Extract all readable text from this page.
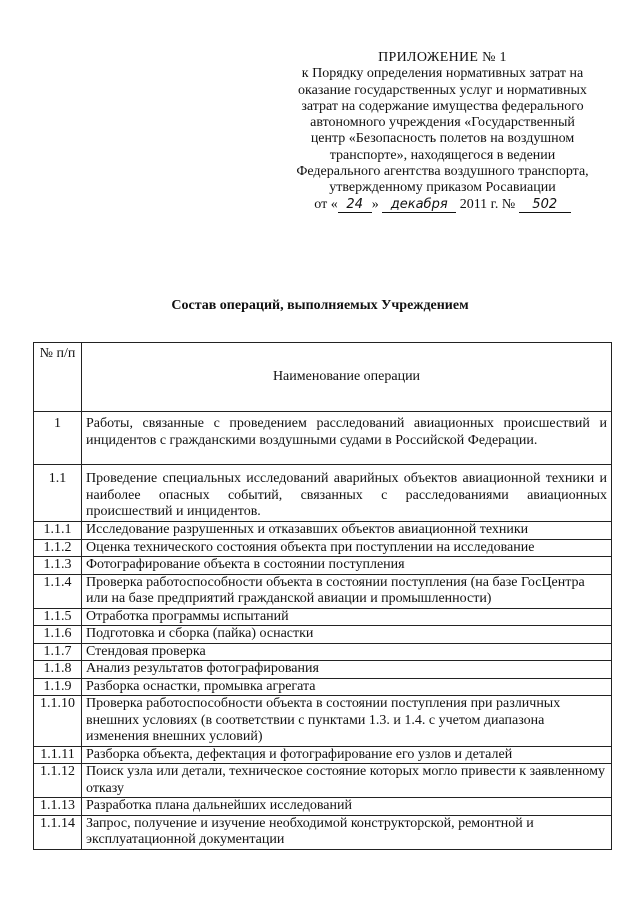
ПРИЛОЖЕНИЕ № 1
к Порядку определения нормативных затрат на
оказание государственных услуг и нормативных
затрат на содержание имущества федерального
автономного учреждения «Государственный
центр «Безопасность полетов на воздушном
транспорте», находящегося в ведении
Федерального агентства воздушного транспорта,
утвержденному приказом Росавиации
от « 24 » декабря 2011 г. № 502
Состав операций, выполняемых Учреждением
№ п/п	Наименование операции
1	Работы, связанные с проведением расследований авиационных происшествий и инцидентов с гражданскими воздушными судами в Российской Федерации.
1.1	Проведение специальных исследований аварийных объектов авиационной техники и наиболее опасных событий, связанных с расследованиями авиационных происшествий и инцидентов.
1.1.1	Исследование разрушенных и отказавших объектов авиационной техники
1.1.2	Оценка технического состояния объекта при поступлении на исследование
1.1.3	Фотографирование объекта в состоянии поступления
1.1.4	Проверка работоспособности объекта в состоянии поступления (на базе ГосЦентра или на базе предприятий гражданской авиации и промышленности)
1.1.5	Отработка программы испытаний
1.1.6	Подготовка и сборка (пайка) оснастки
1.1.7	Стендовая проверка
1.1.8	Анализ результатов фотографирования
1.1.9	Разборка оснастки, промывка агрегата
1.1.10	Проверка работоспособности объекта в состоянии поступления при различных внешних условиях (в соответствии с пунктами 1.3. и 1.4. с учетом диапазона изменения внешних условий)
1.1.11	Разборка объекта, дефектация и фотографирование его узлов и деталей
1.1.12	Поиск узла или детали, техническое состояние которых могло привести к заявленному отказу
1.1.13	Разработка плана дальнейших исследований
1.1.14	Запрос, получение и изучение необходимой конструкторской, ремонтной и эксплуатационной документации
